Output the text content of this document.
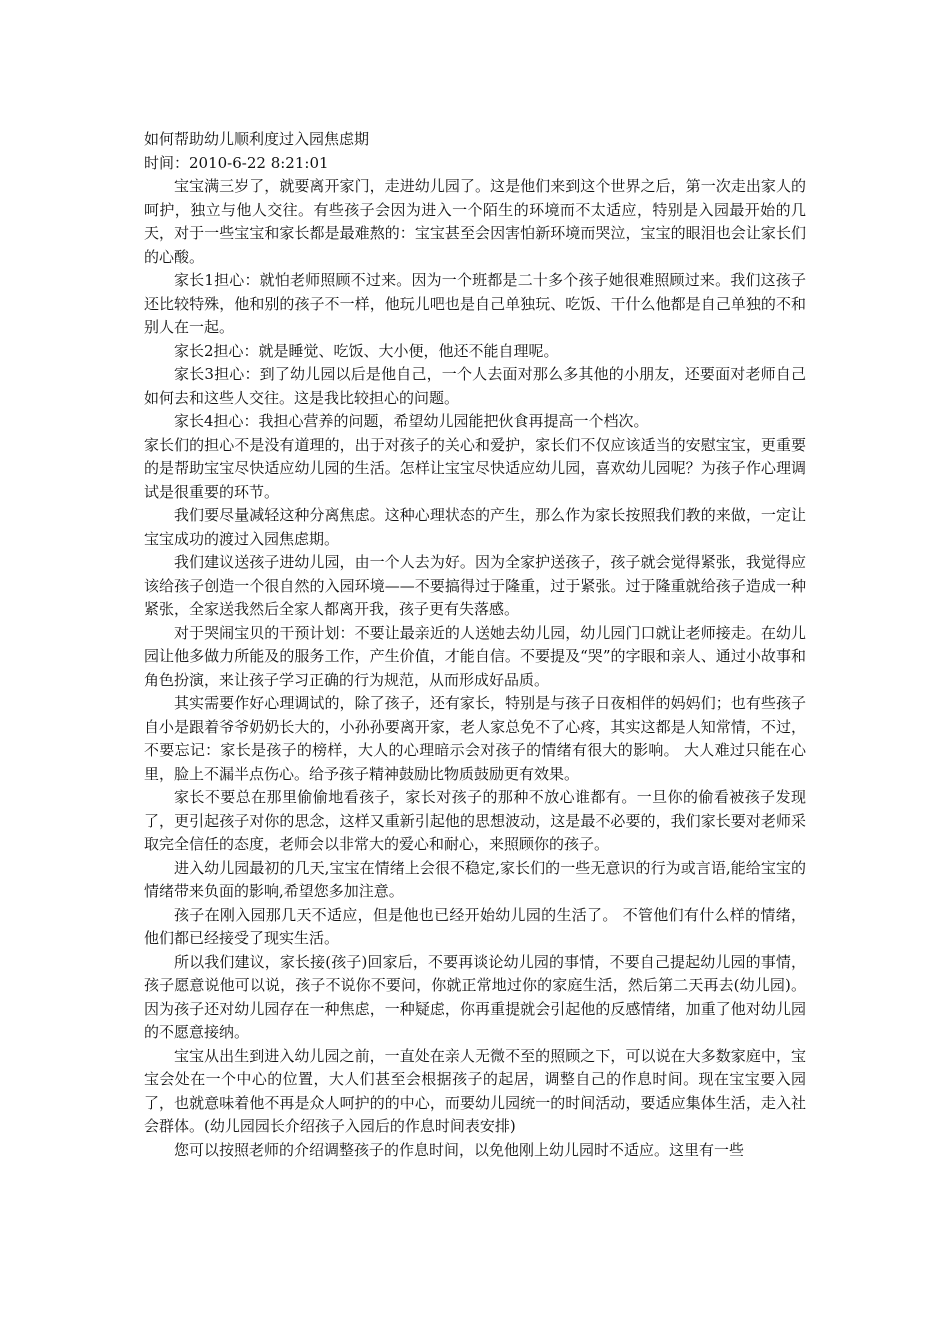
如何帮助幼儿顺利度过入园焦虑期

时间：2010-6-22 8:21:01

宝宝满三岁了，就要离开家门，走进幼儿园了。这是他们来到这个世界之后，第一次走出家人的呵护，独立与他人交往。有些孩子会因为进入一个陌生的环境而不太适应，特别是入园最开始的几天，对于一些宝宝和家长都是最难熬的：宝宝甚至会因害怕新环境而哭泣，宝宝的眼泪也会让家长们的心酸。

家长1担心：就怕老师照顾不过来。因为一个班都是二十多个孩子她很难照顾过来。我们这孩子还比较特殊，他和别的孩子不一样，他玩儿吧也是自己单独玩、吃饭、干什么他都是自己单独的不和别人在一起。

家长2担心：就是睡觉、吃饭、大小便，他还不能自理呢。

家长3担心：到了幼儿园以后是他自己，一个人去面对那么多其他的小朋友，还要面对老师自己如何去和这些人交往。这是我比较担心的问题。

家长4担心：我担心营养的问题，希望幼儿园能把伙食再提高一个档次。

家长们的担心不是没有道理的，出于对孩子的关心和爱护，家长们不仅应该适当的安慰宝宝，更重要的是帮助宝宝尽快适应幼儿园的生活。怎样让宝宝尽快适应幼儿园，喜欢幼儿园呢？为孩子作心理调试是很重要的环节。

我们要尽量减轻这种分离焦虑。这种心理状态的产生，那么作为家长按照我们教的来做，一定让宝宝成功的渡过入园焦虑期。

我们建议送孩子进幼儿园，由一个人去为好。因为全家护送孩子，孩子就会觉得紧张，我觉得应该给孩子创造一个很自然的入园环境——不要搞得过于隆重，过于紧张。过于隆重就给孩子造成一种紧张，全家送我然后全家人都离开我，孩子更有失落感。

对于哭闹宝贝的干预计划：不要让最亲近的人送她去幼儿园，幼儿园门口就让老师接走。在幼儿园让他多做力所能及的服务工作，产生价值，才能自信。不要提及“哭”的字眼和亲人、通过小故事和角色扮演，来让孩子学习正确的行为规范，从而形成好品质。

其实需要作好心理调试的，除了孩子，还有家长，特别是与孩子日夜相伴的妈妈们；也有些孩子自小是跟着爷爷奶奶长大的，小孙孙要离开家，老人家总免不了心疼，其实这都是人知常情，不过，不要忘记：家长是孩子的榜样，大人的心理暗示会对孩子的情绪有很大的影响。 大人难过只能在心里，脸上不漏半点伤心。给予孩子精神鼓励比物质鼓励更有效果。

家长不要总在那里偷偷地看孩子，家长对孩子的那种不放心谁都有。一旦你的偷看被孩子发现了，更引起孩子对你的思念，这样又重新引起他的思想波动，这是最不必要的，我们家长要对老师采取完全信任的态度，老师会以非常大的爱心和耐心，来照顾你的孩子。

进入幼儿园最初的几天,宝宝在情绪上会很不稳定,家长们的一些无意识的行为或言语,能给宝宝的情绪带来负面的影响,希望您多加注意。

孩子在刚入园那几天不适应，但是他也已经开始幼儿园的生活了。 不管他们有什么样的情绪，他们都已经接受了现实生活。

所以我们建议，家长接(孩子)回家后，不要再谈论幼儿园的事情，不要自己提起幼儿园的事情，孩子愿意说他可以说，孩子不说你不要问，你就正常地过你的家庭生活，然后第二天再去(幼儿园)。因为孩子还对幼儿园存在一种焦虑，一种疑虑，你再重提就会引起他的反感情绪，加重了他对幼儿园的不愿意接纳。

宝宝从出生到进入幼儿园之前，一直处在亲人无微不至的照顾之下，可以说在大多数家庭中，宝宝会处在一个中心的位置，大人们甚至会根据孩子的起居，调整自己的作息时间。现在宝宝要入园了，也就意味着他不再是众人呵护的的中心，而要幼儿园统一的时间活动，要适应集体生活，走入社会群体。(幼儿园园长介绍孩子入园后的作息时间表安排)

您可以按照老师的介绍调整孩子的作息时间，以免他刚上幼儿园时不适应。这里有一些
